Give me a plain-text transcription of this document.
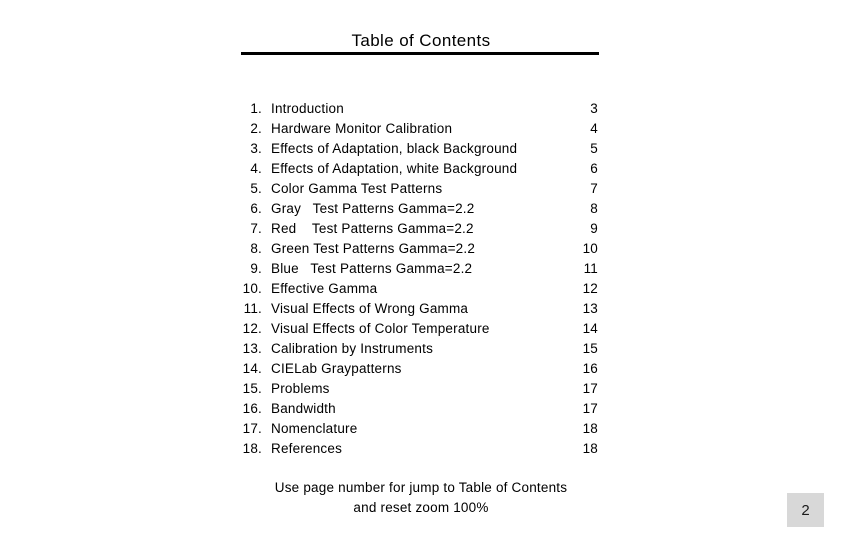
Table of Contents
1. Introduction	3
2. Hardware Monitor Calibration	4
3. Effects of Adaptation, black Background	5
4. Effects of Adaptation, white Background	6
5. Color Gamma Test Patterns	7
6. Gray   Test Patterns Gamma=2.2	8
7. Red    Test Patterns Gamma=2.2	9
8. Green Test Patterns Gamma=2.2	10
9. Blue   Test Patterns Gamma=2.2	11
10. Effective Gamma	12
11. Visual Effects of Wrong Gamma	13
12. Visual Effects of Color Temperature	14
13. Calibration by Instruments	15
14. CIELab Graypatterns	16
15. Problems	17
16. Bandwidth	17
17. Nomenclature	18
18. References	18
Use page number for jump to Table of Contents
and reset zoom 100%	2
